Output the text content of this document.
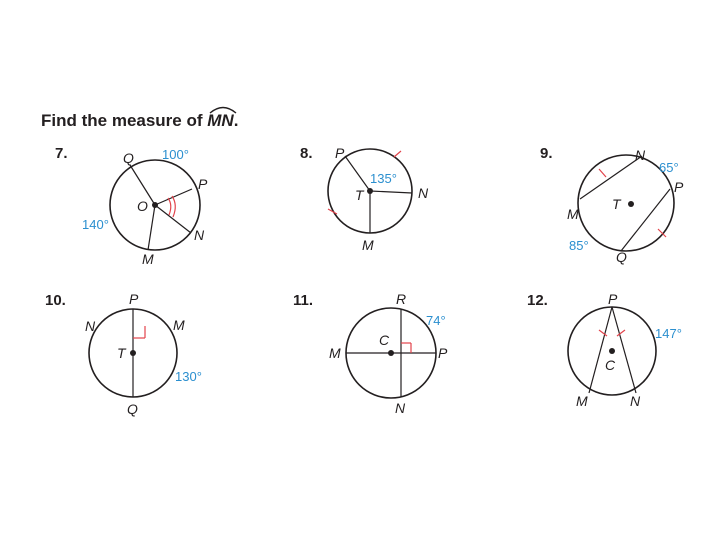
Find the measure of
MN.
7.	Q
P
O
N
M
100°
140°
8. P
T	N
M
135°
9.	N
P
T
M
Q
65°
85°
10.	P
N	M
T
Q
130°
11.	R
M
C
P
N
74°
12.	P
C
M	N
147°
